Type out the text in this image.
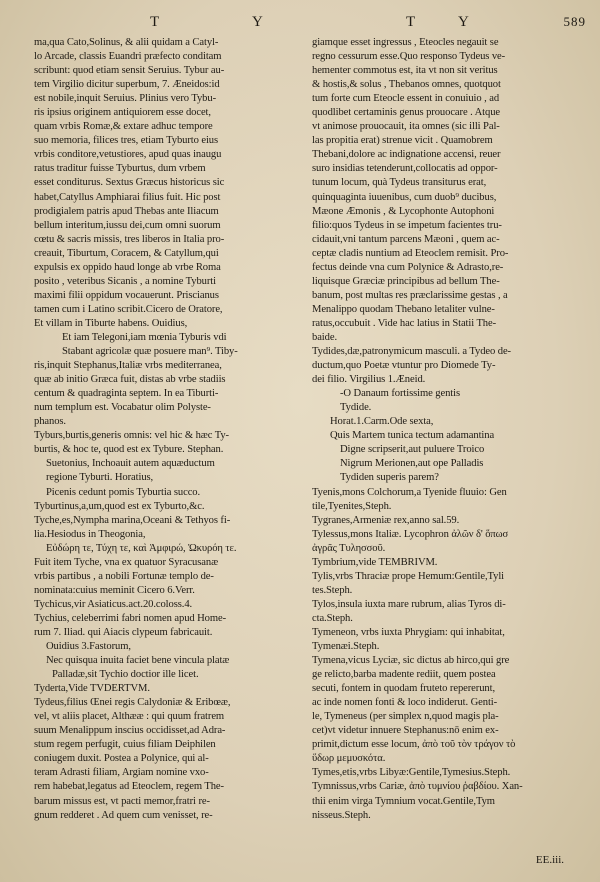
T	Y	T	Y	589
ma,qua Cato,Solinus, & alii quidam a Catyl-
lo Arcade, classis Euandri præfecto conditam
scribunt: quod etiam sensit Seruius. Tybur au-
tem Virgilio dicitur superbum, 7. Æneidos:id
est nobile,inquit Seruius. Plinius vero Tybu-
ris ipsius originem antiquiorem esse docet,
quam vrbis Romæ,& extare adhuc tempore
suo memoria, filices tres, etiam Tyburto eius
vrbis conditore,vetustiores, apud quas inaugu
ratus traditur fuisse Tyburtus, dum vrbem
esset conditurus. Sextus Græcus historicus sic
habet,Catyllus Amphiarai filius fuit. Hic post
prodigialem patris apud Thebas ante Iliacum
bellum interitum,iussu dei,cum omni suorum
cœtu & sacris missis, tres liberos in Italia pro-
creauit, Tiburtum, Coracem, & Catyllum,qui
expulsis ex oppido haud longe ab vrbe Roma
posito , veteribus Sicanis , a nomine Tyburti
maximi filii oppidum vocauerunt. Priscianus
tamen cum i Latino scribit.Cicero de Oratore,
Et villam in Tiburte habens. Ouidius,
Et iam Telegoni,iam mœnia Tyburis vdi
Stabant agricolæ quæ posuere man⁹. Tiby-
ris,inquit Stephanus,Italiæ vrbs mediterranea,
quæ ab initio Græca fuit, distas ab vrbe stadiis
centum & quadraginta septem. In ea Tiburti-
num templum est. Vocabatur olim Polyste-
phanos.
Tyburs,burtis,generis omnis: vel hic & hæc Ty-
burtis, & hoc te, quod est ex Tybure. Stephan.
Suetonius, Inchoauit autem aquæductum
regione Tyburti. Horatius,
Picenis cedunt pomis Tyburtia succo.
Tyburtinus,a,um,quod est ex Tyburto,&c.
Tyche,es,Nympha marina,Oceani & Tethyos fi-
lia.Hesiodus in Theogonia,
Εὐδώρη τε, Τύχη τε, καὶ Ἀμφιρώ, Ὠκυρόη τε.
Fuit item Tyche, vna ex quatuor Syracusanæ
vrbis partibus , a nobili Fortunæ templo de-
nominata:cuius meminit Cicero 6.Verr.
Tychicus,vir Asiaticus.act.20.coloss.4.
Tychius, celeberrimi fabri nomen apud Home-
rum 7. Iliad. qui Aiacis clypeum fabricauit.
Ouidius 3.Fastorum,
Nec quisqua inuita faciet bene vincula platæ
Palladæ,sit Tychio doctior ille licet.
Tyderta,Vide TVDERTVM.
Tydeus,filius Œnei regis Calydoniæ & Eribœæ,
vel, vt aliis placet, Althææ : qui quum fratrem
suum Menalippum inscius occidisset,ad Adra-
stum regem perfugit, cuius filiam Deiphilen
coniugem duxit. Postea a Polynice, qui al-
teram Adrasti filiam, Argiam nomine vxo-
rem habebat,legatus ad Eteoclem, regem The-
barum missus est, vt pacti memor,fratri re-
gnum redderet . Ad quem cum venisset, re-
giamque esset ingressus , Eteocles negauit se
regno cessurum esse.Quo responso Tydeus ve-
hementer commotus est, ita vt non sit veritus
& hostis,& solus , Thebanos omnes, quotquot
tum forte cum Eteocle essent in conuiuio , ad
quodlibet certaminis genus prouocare . Atque
vt animose prouocauit, ita omnes (sic illi Pal-
las propitia erat) strenue vicit . Quamobrem
Thebani,dolore ac indignatione accensi, reuer
suro insidias tetenderunt,collocatis ad oppor-
tunum locum, quà Tydeus transiturus erat,
quinquaginta iuuenibus, cum duob⁹ ducibus,
Mæone Æmonis , & Lycophonte Autophoni
filio:quos Tydeus in se impetum facientes tru-
cidauit,vni tantum parcens Mæoni , quem ac-
ceptæ cladis nuntium ad Eteoclem remisit. Pro-
fectus deinde vna cum Polynice & Adrasto,re-
liquisque Græciæ principibus ad bellum The-
banum, post multas res præclarissime gestas , a
Menalippo quodam Thebano letaliter vulne-
ratus,occubuit . Vide hac latius in Statii The-
baide.
Tydides,dæ,patronymicum masculi. a Tydeo de-
ductum,quo Poetæ vtuntur pro Diomede Ty-
dei filio. Virgilius 1.Æneid.
-O Danaum fortissime gentis
Tydide.
Horat.1.Carm.Ode sexta,
Quis Martem tunica tectum adamantina
Digne scripserit,aut puluere Troico
Nigrum Merionen,aut ope Palladis
Tydiden superis parem?
Tyenis,mons Colchorum,a Tyenide fluuio: Gen
tile,Tyenites,Steph.
Tygranes,Armeniæ rex,anno sal.59.
Tylessus,mons Italiæ. Lycophron ἀλῶν δ' ὅπωσ
ἀγρᾶς Τυλησσοῦ.
Tymbrium,vide TEMBRIVM.
Tylis,vrbs Thraciæ prope Hemum:Gentile,Tyli
tes.Steph.
Tylos,insula iuxta mare rubrum, alias Tyros di-
cta.Steph.
Tymeneon, vrbs iuxta Phrygiam: qui inhabitat,
Tymenæi.Steph.
Tymena,vicus Lyciæ, sic dictus ab hirco,qui gre
ge relicto,barba madente rediit, quem postea
secuti, fontem in quodam fruteto repererunt,
ac inde nomen fonti & loco indiderut. Genti-
le, Tymeneus (per simplex n,quod magis pla-
cet)vt videtur innuere Stephanus:nō enim ex-
primit,dictum esse locum, ἀπὸ τοῦ τὸν τράγον τὸ
ὕδωρ μεμυσκότα.
Tymes,etis,vrbs Libyæ:Gentile,Tymesius.Steph.
Tymnissus,vrbs Cariæ, ἀπὸ τυμνίου ῥαβδίου. Xan-
thii enim virga Tymnium vocat.Gentile,Tym
nisseus.Steph.
EE.iii.
